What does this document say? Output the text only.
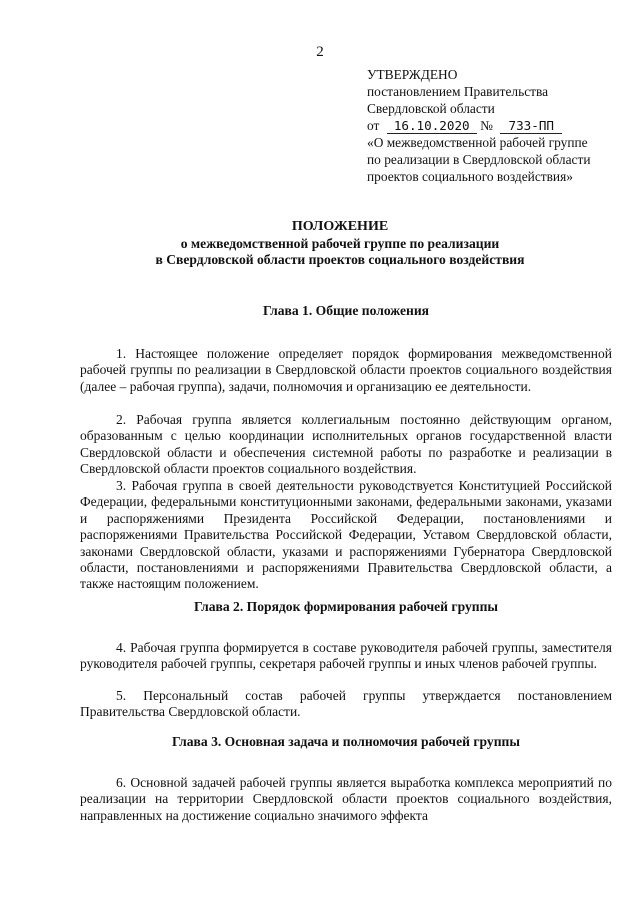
2
УТВЕРЖДЕНО
постановлением Правительства
Свердловской области
от 16.10.2020 № 733-ПП
«О межведомственной рабочей группе
по реализации в Свердловской области
проектов социального воздействия»
ПОЛОЖЕНИЕ
о межведомственной рабочей группе по реализации
в Свердловской области проектов социального воздействия
Глава 1. Общие положения
1. Настоящее положение определяет порядок формирования межведомственной рабочей группы по реализации в Свердловской области проектов социального воздействия (далее – рабочая группа), задачи, полномочия и организацию ее деятельности.
2. Рабочая группа является коллегиальным постоянно действующим органом, образованным с целью координации исполнительных органов государственной власти Свердловской области и обеспечения системной работы по разработке и реализации в Свердловской области проектов социального воздействия.
3. Рабочая группа в своей деятельности руководствуется Конституцией Российской Федерации, федеральными конституционными законами, федеральными законами, указами и распоряжениями Президента Российской Федерации, постановлениями и распоряжениями Правительства Российской Федерации, Уставом Свердловской области, законами Свердловской области, указами и распоряжениями Губернатора Свердловской области, постановлениями и распоряжениями Правительства Свердловской области, а также настоящим положением.
Глава 2. Порядок формирования рабочей группы
4. Рабочая группа формируется в составе руководителя рабочей группы, заместителя руководителя рабочей группы, секретаря рабочей группы и иных членов рабочей группы.
5. Персональный состав рабочей группы утверждается постановлением Правительства Свердловской области.
Глава 3. Основная задача и полномочия рабочей группы
6. Основной задачей рабочей группы является выработка комплекса мероприятий по реализации на территории Свердловской области проектов социального воздействия, направленных на достижение социально значимого эффекта
